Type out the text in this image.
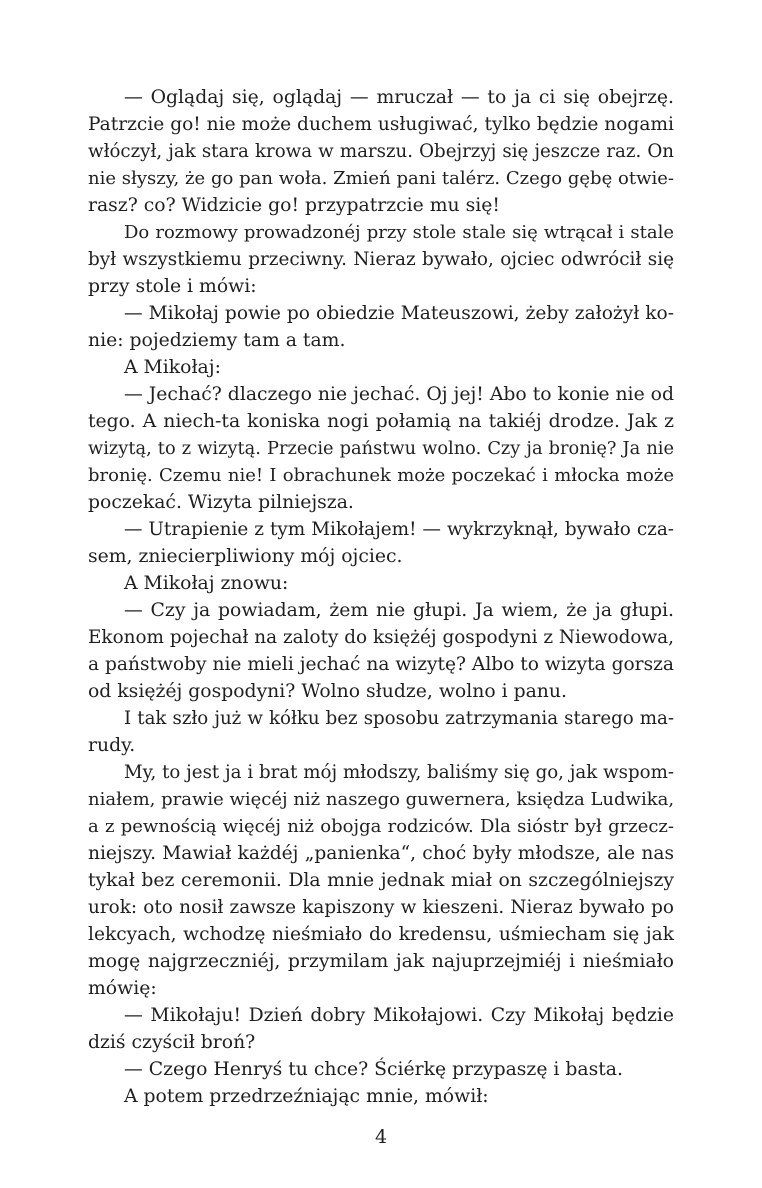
— Oglądaj się, oglądaj — mruczał — to ja ci się obejrzę.
Patrzcie go! nie może duchem usługiwać, tylko będzie nogami
włóczył, jak stara krowa w marszu. Obejrzyj się jeszcze raz. On
nie słyszy, że go pan woła. Zmień pani talérz. Czego gębę otwie-
rasz? co? Widzicie go! przypatrzcie mu się!
Do rozmowy prowadzonéj przy stole stale się wtrącał i stale
był wszystkiemu przeciwny. Nieraz bywało, ojciec odwrócił się
przy stole i mówi:
— Mikołaj powie po obiedzie Mateuszowi, żeby założył ko-
nie: pojedziemy tam a tam.
A Mikołaj:
— Jechać? dlaczego nie jechać. Oj jej! Abo to konie nie od
tego. A niech-ta koniska nogi połamią na takiéj drodze. Jak z
wizytą, to z wizytą. Przecie państwu wolno. Czy ja bronię? Ja nie
bronię. Czemu nie! I obrachunek może poczekać i młocka może
poczekać. Wizyta pilniejsza.
— Utrapienie z tym Mikołajem! — wykrzyknął, bywało cza-
sem, zniecierpliwiony mój ojciec.
A Mikołaj znowu:
— Czy ja powiadam, żem nie głupi. Ja wiem, że ja głupi.
Ekonom pojechał na zaloty do księżéj gospodyni z Niewodowa,
a państwoby nie mieli jechać na wizytę? Albo to wizyta gorsza
od księżéj gospodyni? Wolno słudze, wolno i panu.
I tak szło już w kółku bez sposobu zatrzymania starego ma-
rudy.
My, to jest ja i brat mój młodszy, baliśmy się go, jak wspom-
niałem, prawie więcéj niż naszego guwernera, księdza Ludwika,
a z pewnością więcéj niż obojga rodziców. Dla sióstr był grzecz-
niejszy. Mawiał każdéj „panienka“, choć były młodsze, ale nas
tykał bez ceremonii. Dla mnie jednak miał on szczególniejszy
urok: oto nosił zawsze kapiszony w kieszeni. Nieraz bywało po
lekcyach, wchodzę nieśmiało do kredensu, uśmiecham się jak
mogę najgrzeczniéj, przymilam jak najuprzejmiéj i nieśmiało
mówię:
— Mikołaju! Dzień dobry Mikołajowi. Czy Mikołaj będzie
dziś czyścił broń?
— Czego Henryś tu chce? Ściérkę przypaszę i basta.
A potem przedrzeźniając mnie, mówił:
4
